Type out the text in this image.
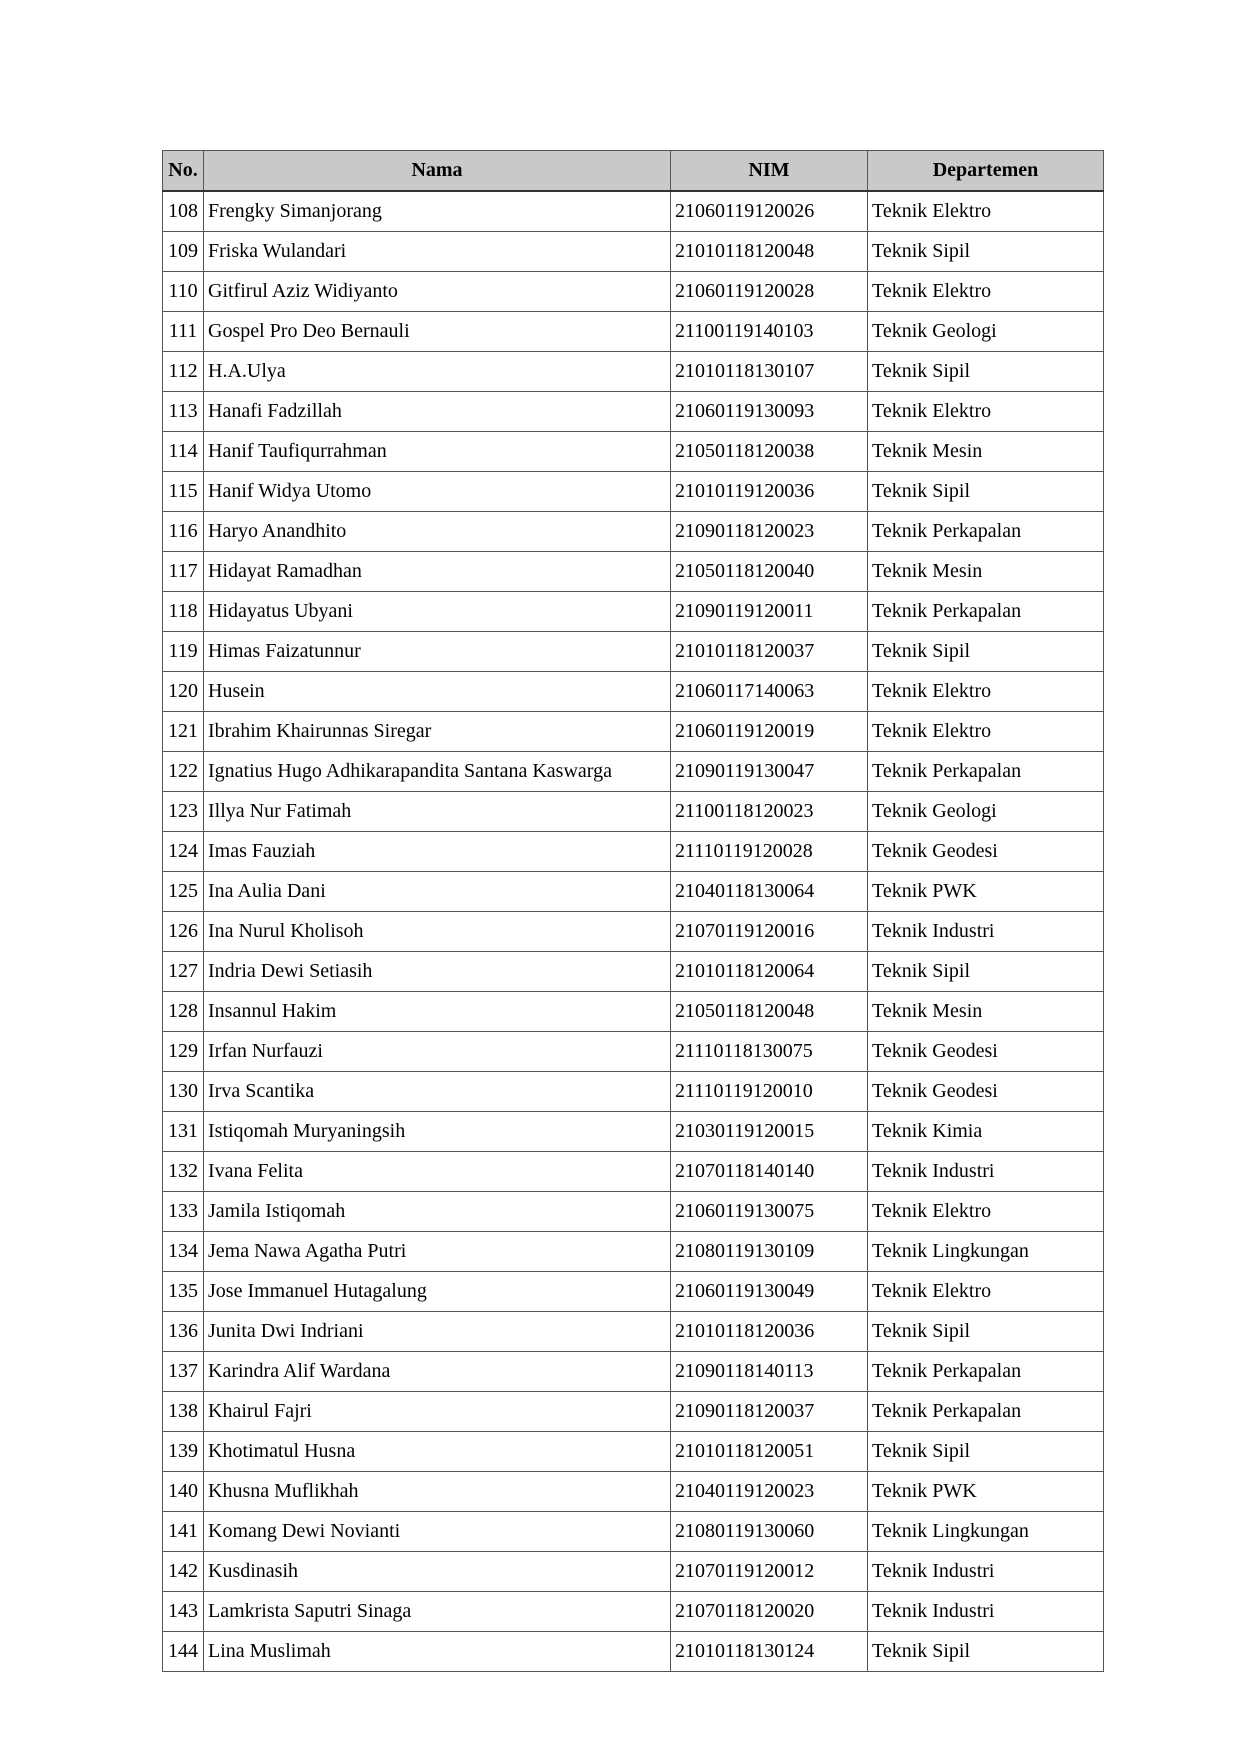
No.	Nama	NIM	Departemen
108	Frengky Simanjorang	21060119120026	Teknik Elektro
109	Friska Wulandari	21010118120048	Teknik Sipil
110	Gitfirul Aziz Widiyanto	21060119120028	Teknik Elektro
111	Gospel Pro Deo Bernauli	21100119140103	Teknik Geologi
112	H.A.Ulya	21010118130107	Teknik Sipil
113	Hanafi Fadzillah	21060119130093	Teknik Elektro
114	Hanif Taufiqurrahman	21050118120038	Teknik Mesin
115	Hanif Widya Utomo	21010119120036	Teknik Sipil
116	Haryo Anandhito	21090118120023	Teknik Perkapalan
117	Hidayat Ramadhan	21050118120040	Teknik Mesin
118	Hidayatus Ubyani	21090119120011	Teknik Perkapalan
119	Himas Faizatunnur	21010118120037	Teknik Sipil
120	Husein	21060117140063	Teknik Elektro
121	Ibrahim Khairunnas Siregar	21060119120019	Teknik Elektro
122	Ignatius Hugo Adhikarapandita Santana Kaswarga	21090119130047	Teknik Perkapalan
123	Illya Nur Fatimah	21100118120023	Teknik Geologi
124	Imas Fauziah	21110119120028	Teknik Geodesi
125	Ina Aulia Dani	21040118130064	Teknik PWK
126	Ina Nurul Kholisoh	21070119120016	Teknik Industri
127	Indria Dewi Setiasih	21010118120064	Teknik Sipil
128	Insannul Hakim	21050118120048	Teknik Mesin
129	Irfan Nurfauzi	21110118130075	Teknik Geodesi
130	Irva Scantika	21110119120010	Teknik Geodesi
131	Istiqomah Muryaningsih	21030119120015	Teknik Kimia
132	Ivana Felita	21070118140140	Teknik Industri
133	Jamila Istiqomah	21060119130075	Teknik Elektro
134	Jema Nawa Agatha Putri	21080119130109	Teknik Lingkungan
135	Jose Immanuel Hutagalung	21060119130049	Teknik Elektro
136	Junita Dwi Indriani	21010118120036	Teknik Sipil
137	Karindra Alif Wardana	21090118140113	Teknik Perkapalan
138	Khairul Fajri	21090118120037	Teknik Perkapalan
139	Khotimatul Husna	21010118120051	Teknik Sipil
140	Khusna Muflikhah	21040119120023	Teknik PWK
141	Komang Dewi Novianti	21080119130060	Teknik Lingkungan
142	Kusdinasih	21070119120012	Teknik Industri
143	Lamkrista Saputri Sinaga	21070118120020	Teknik Industri
144	Lina Muslimah	21010118130124	Teknik Sipil
